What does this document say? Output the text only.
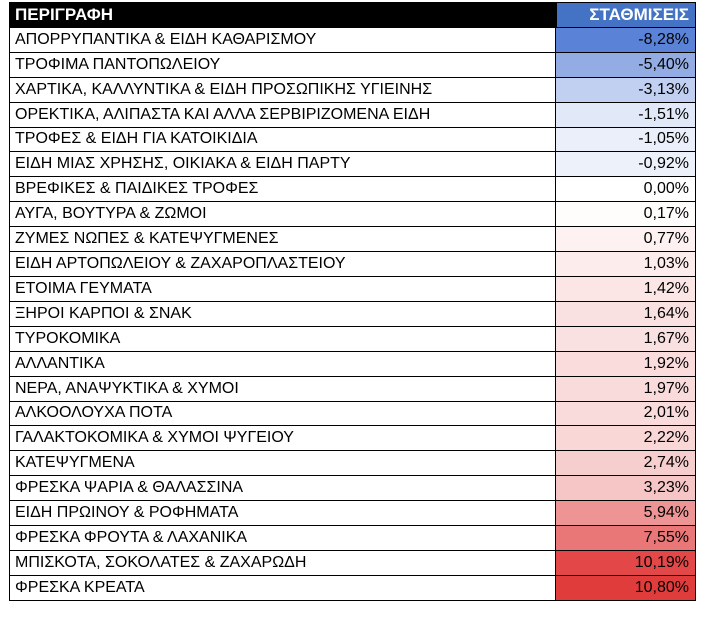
ΠΕΡΙΓΡΑΦΗ	ΣΤΑΘΜΙΣΕΙΣ
ΑΠΟΡΡΥΠΑΝΤΙΚΑ & ΕΙΔΗ ΚΑΘΑΡΙΣΜΟΥ	-8,28%
ΤΡΟΦΙΜΑ ΠΑΝΤΟΠΩΛΕΙΟΥ	-5,40%
ΧΑΡΤΙΚΑ, ΚΑΛΛΥΝΤΙΚΑ & ΕΙΔΗ ΠΡΟΣΩΠΙΚΗΣ ΥΓΙΕΙΝΗΣ	-3,13%
ΟΡΕΚΤΙΚΑ, ΑΛΙΠΑΣΤΑ ΚΑΙ ΑΛΛΑ ΣΕΡΒΙΡΙΖΟΜΕΝΑ ΕΙΔΗ	-1,51%
ΤΡΟΦΕΣ & ΕΙΔΗ ΓΙΑ ΚΑΤΟΙΚΙΔΙΑ	-1,05%
ΕΙΔΗ ΜΙΑΣ ΧΡΗΣΗΣ, ΟΙΚΙΑΚΑ & ΕΙΔΗ ΠΑΡΤΥ	-0,92%
ΒΡΕΦΙΚΕΣ & ΠΑΙΔΙΚΕΣ ΤΡΟΦΕΣ	0,00%
ΑΥΓΑ, ΒΟΥΤΥΡΑ & ΖΩΜΟΙ	0,17%
ΖΥΜΕΣ ΝΩΠΕΣ & ΚΑΤΕΨΥΓΜΕΝΕΣ	0,77%
ΕΙΔΗ ΑΡΤΟΠΩΛΕΙΟΥ & ΖΑΧΑΡΟΠΛΑΣΤΕΙΟΥ	1,03%
ΕΤΟΙΜΑ ΓΕΥΜΑΤΑ	1,42%
ΞΗΡΟΙ ΚΑΡΠΟΙ & ΣΝΑΚ	1,64%
ΤΥΡΟΚΟΜΙΚΑ	1,67%
ΑΛΛΑΝΤΙΚΑ	1,92%
ΝΕΡΑ, ΑΝΑΨΥΚΤΙΚΑ & ΧΥΜΟΙ	1,97%
ΑΛΚΟΟΛΟΥΧΑ ΠΟΤΑ	2,01%
ΓΑΛΑΚΤΟΚΟΜΙΚΑ & ΧΥΜΟΙ ΨΥΓΕΙΟΥ	2,22%
ΚΑΤΕΨΥΓΜΕΝΑ	2,74%
ΦΡΕΣΚΑ ΨΑΡΙΑ & ΘΑΛΑΣΣΙΝΑ	3,23%
ΕΙΔΗ ΠΡΩΙΝΟΥ & ΡΟΦΗΜΑΤΑ	5,94%
ΦΡΕΣΚΑ ΦΡΟΥΤΑ & ΛΑΧΑΝΙΚΑ	7,55%
ΜΠΙΣΚΟΤΑ, ΣΟΚΟΛΑΤΕΣ & ΖΑΧΑΡΩΔΗ	10,19%
ΦΡΕΣΚΑ ΚΡΕΑΤΑ	10,80%
